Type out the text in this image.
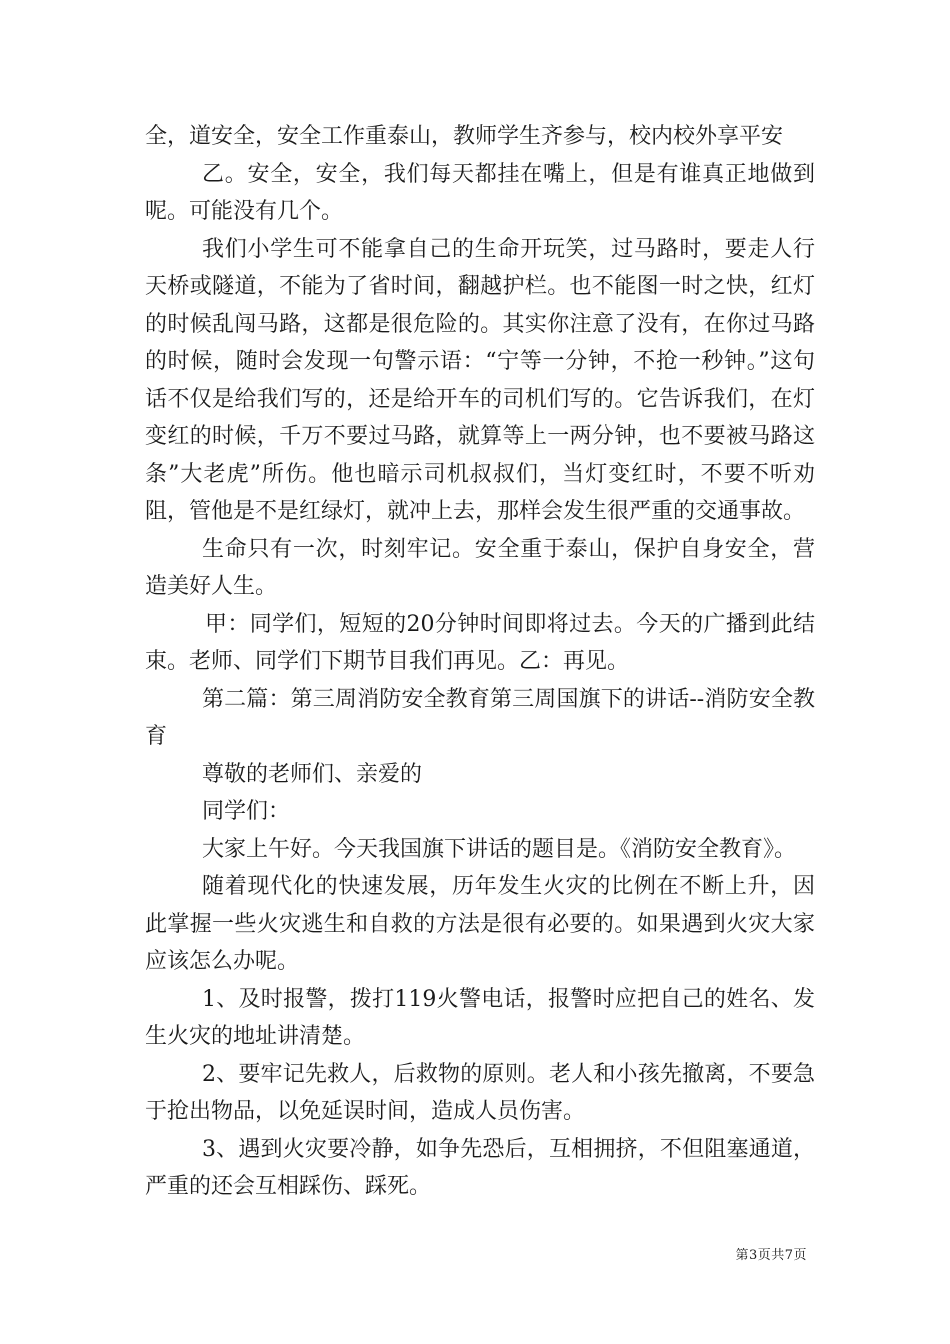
全，道安全，安全工作重泰山，教师学生齐参与，校内校外享平安

乙。安全，安全，我们每天都挂在嘴上，但是有谁真正地做到呢。可能没有几个。

我们小学生可不能拿自己的生命开玩笑，过马路时，要走人行天桥或隧道，不能为了省时间，翻越护栏。也不能图一时之快，红灯的时候乱闯马路，这都是很危险的。其实你注意了没有，在你过马路的时候，随时会发现一句警示语：“宁等一分钟，不抢一秒钟。”这句话不仅是给我们写的，还是给开车的司机们写的。它告诉我们，在灯变红的时候，千万不要过马路，就算等上一两分钟，也不要被马路这条”大老虎”所伤。他也暗示司机叔叔们，当灯变红时，不要不听劝阻，管他是不是红绿灯，就冲上去，那样会发生很严重的交通事故。

生命只有一次，时刻牢记。安全重于泰山，保护自身安全，营造美好人生。

甲：同学们，短短的20分钟时间即将过去。今天的广播到此结束。老师、同学们下期节目我们再见。乙：再见。

第二篇：第三周消防安全教育第三周国旗下的讲话--消防安全教育

尊敬的老师们、亲爱的

同学们：

大家上午好。今天我国旗下讲话的题目是。《消防安全教育》。

随着现代化的快速发展，历年发生火灾的比例在不断上升，因此掌握一些火灾逃生和自救的方法是很有必要的。如果遇到火灾大家应该怎么办呢。

1、及时报警，拨打119火警电话，报警时应把自己的姓名、发生火灾的地址讲清楚。

2、要牢记先救人，后救物的原则。老人和小孩先撤离，不要急于抢出物品，以免延误时间，造成人员伤害。

3、遇到火灾要冷静，如争先恐后，互相拥挤，不但阻塞通道，严重的还会互相踩伤、踩死。

第3页共7页
